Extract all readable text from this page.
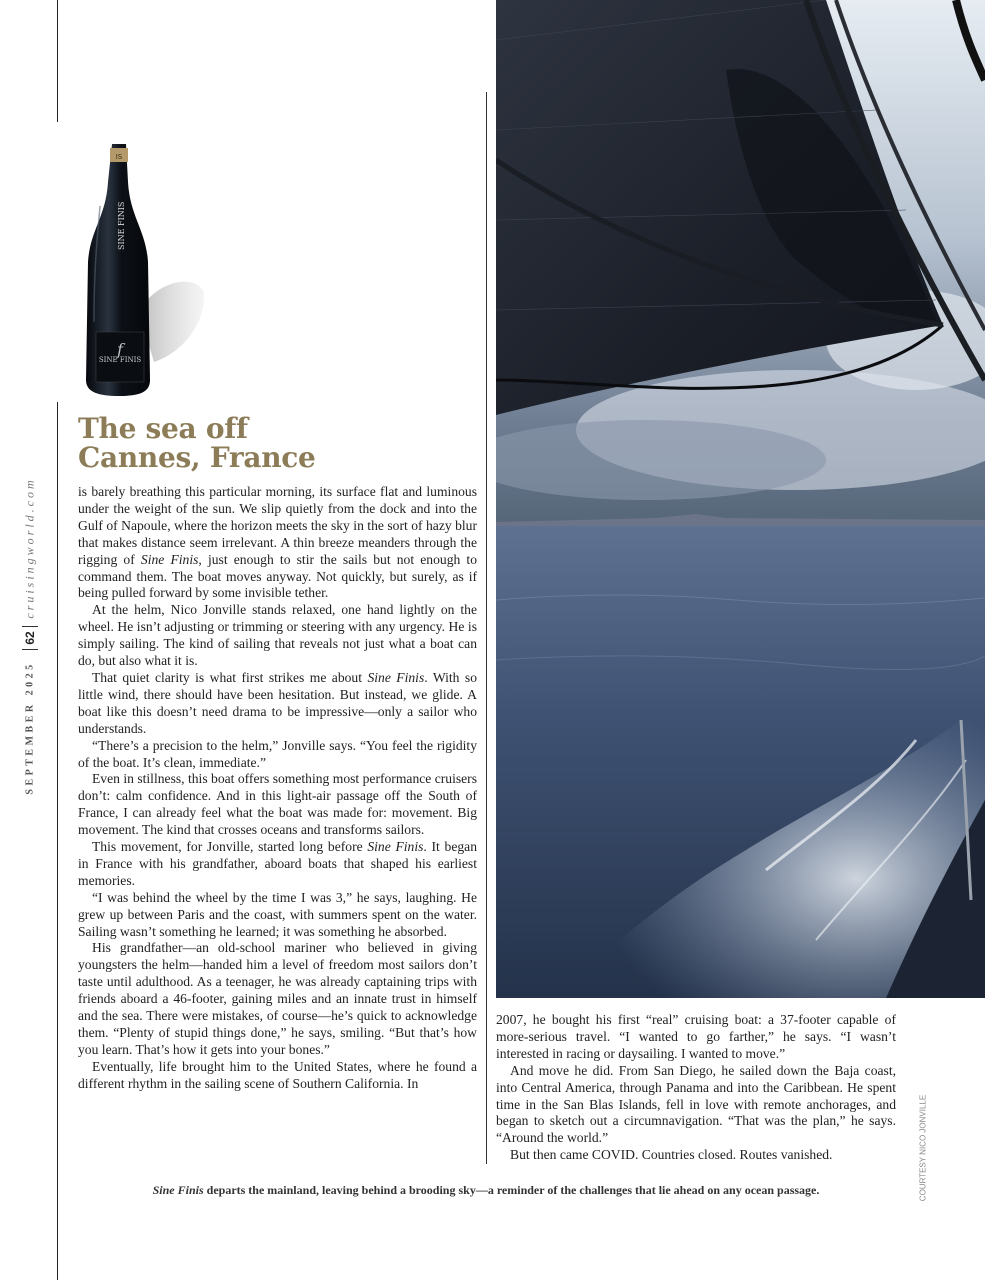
cruisingworld.com
62
SEPTEMBER 2025
IS
SINE FINIS
SINE FINIS
f
The sea off
Cannes, France

is barely breathing this particular morning, its surface flat and luminous under the weight of the sun. We slip quietly from the dock and into the Gulf of Napoule, where the horizon meets the sky in the sort of hazy blur that makes distance seem irrelevant. A thin breeze meanders through the rigging of Sine Finis, just enough to stir the sails but not enough to command them. The boat moves anyway. Not quickly, but surely, as if being pulled forward by some invisible tether.

At the helm, Nico Jonville stands relaxed, one hand lightly on the wheel. He isn’t adjusting or trimming or steering with any urgency. He is simply sailing. The kind of sailing that reveals not just what a boat can do, but also what it is.

That quiet clarity is what first strikes me about Sine Finis. With so little wind, there should have been hesitation. But instead, we glide. A boat like this doesn’t need drama to be impressive—only a sailor who understands.

“There’s a precision to the helm,” Jonville says. “You feel the rigidity of the boat. It’s clean, immediate.”

Even in stillness, this boat offers something most performance cruisers don’t: calm confidence. And in this light-air passage off the South of France, I can already feel what the boat was made for: movement. Big movement. The kind that crosses oceans and transforms sailors.

This movement, for Jonville, started long before Sine Finis. It began in France with his grandfather, aboard boats that shaped his earliest memories.

“I was behind the wheel by the time I was 3,” he says, laughing. He grew up between Paris and the coast, with summers spent on the water. Sailing wasn’t something he learned; it was something he absorbed.

His grandfather—an old-school mariner who believed in giving youngsters the helm—handed him a level of freedom most sailors don’t taste until adulthood. As a teenager, he was already captaining trips with friends aboard a 46-footer, gaining miles and an innate trust in himself and the sea. There were mistakes, of course—he’s quick to acknowledge them. “Plenty of stupid things done,” he says, smiling. “But that’s how you learn. That’s how it gets into your bones.”

Eventually, life brought him to the United States, where he found a different rhythm in the sailing scene of Southern California. In

2007, he bought his first “real” cruising boat: a 37-footer capable of more-serious travel. “I wanted to go farther,” he says. “I wasn’t interested in racing or daysailing. I wanted to move.”

And move he did. From San Diego, he sailed down the Baja coast, into Central America, through Panama and into the Caribbean. He spent time in the San Blas Islands, fell in love with remote anchorages, and began to sketch out a circumnavigation. “That was the plan,” he says. “Around the world.”

But then came COVID. Countries closed. Routes vanished.	COURTESY NICO JONVILLE
Sine Finis departs the mainland, leaving behind a brooding sky—a reminder of the challenges that lie ahead on any ocean passage.
